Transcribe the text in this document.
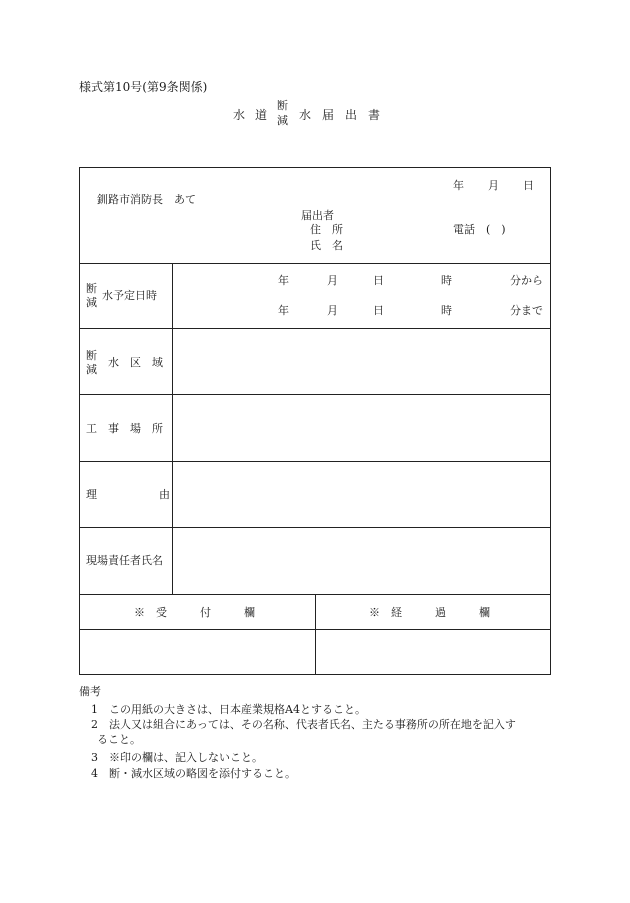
様式第10号(第9条関係)
水 道
断
減 水 届 出 書
年 月 日
釧路市消防長　あて
届出者
住　所
氏　名
電話　(　)
断
減
水予定日時
年	月	日	時	分から
年	月	日	時	分まで
断
減
水　区　域
工　事　場　所
理	由
現場責任者氏名
※　受　　　付　　　欄	※　経　　　過　　　欄
備考
1　この用紙の大きさは、日本産業規格A4とすること。
2　法人又は組合にあっては、その名称、代表者氏名、主たる事務所の所在地を記入す
ること。
3　※印の欄は、記入しないこと。
4　断・減水区域の略図を添付すること。
